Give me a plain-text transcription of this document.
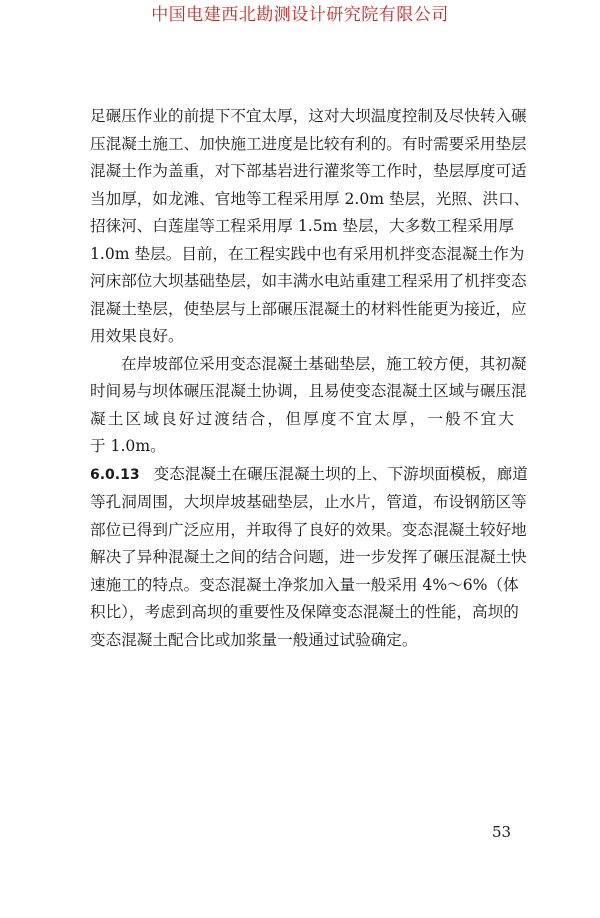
中国电建西北勘测设计研究院有限公司

足碾压作业的前提下不宜太厚，这对大坝温度控制及尽快转入碾
压混凝土施工、加快施工进度是比较有利的。有时需要采用垫层
混凝土作为盖重，对下部基岩进行灌浆等工作时，垫层厚度可适
当加厚，如龙滩、官地等工程采用厚 2.0m 垫层，光照、洪口、
招徕河、白莲崖等工程采用厚 1.5m 垫层，大多数工程采用厚
1.0m 垫层。目前，在工程实践中也有采用机拌变态混凝土作为
河床部位大坝基础垫层，如丰满水电站重建工程采用了机拌变态
混凝土垫层，使垫层与上部碾压混凝土的材料性能更为接近，应
用效果良好。

在岸坡部位采用变态混凝土基础垫层，施工较方便，其初凝
时间易与坝体碾压混凝土协调，且易使变态混凝土区域与碾压混
凝土区域良好过渡结合，但厚度不宜太厚，一般不宜大
于 1.0m。

6.0.13 变态混凝土在碾压混凝土坝的上、下游坝面模板，廊道
等孔洞周围，大坝岸坡基础垫层，止水片，管道，布设钢筋区等
部位已得到广泛应用，并取得了良好的效果。变态混凝土较好地
解决了异种混凝土之间的结合问题，进一步发挥了碾压混凝土快
速施工的特点。变态混凝土净浆加入量一般采用 4%～6%（体
积比），考虑到高坝的重要性及保障变态混凝土的性能，高坝的
变态混凝土配合比或加浆量一般通过试验确定。

53
